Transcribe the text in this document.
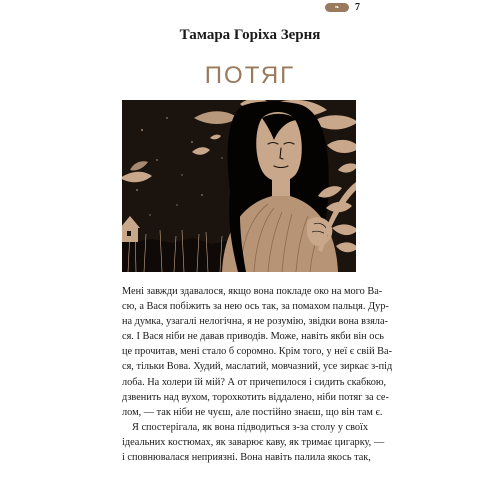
❧	7
Тамара Горіха Зерня
ПОТЯГ
Мені завжди здавалося, якщо вона покладе око на мого Ва-
сю, а Вася побіжить за нею ось так, за помахом пальця. Дур-
на думка, узагалі нелогічна, я не розумію, звідки вона взяла-
ся. І Вася ніби не давав приводів. Може, навіть якби він ось
це прочитав, мені стало б соромно. Крім того, у неї є свій Ва-
ся, тільки Вова. Худий, маслатий, мовчазний, усе зиркає з-під
лоба. На холери їй мій? А от причепилося і сидить скабкою,
дзвенить над вухом, торохкотить віддалено, ніби потяг за се-
лом, — так ніби не чуєш, але постійно знаєш, що він там є.
Я спостерігала, як вона підводиться з-за столу у своїх
ідеальних костюмах, як заварює каву, як тримає цигарку, —
і сповнювалася неприязні. Вона навіть палила якось так,
